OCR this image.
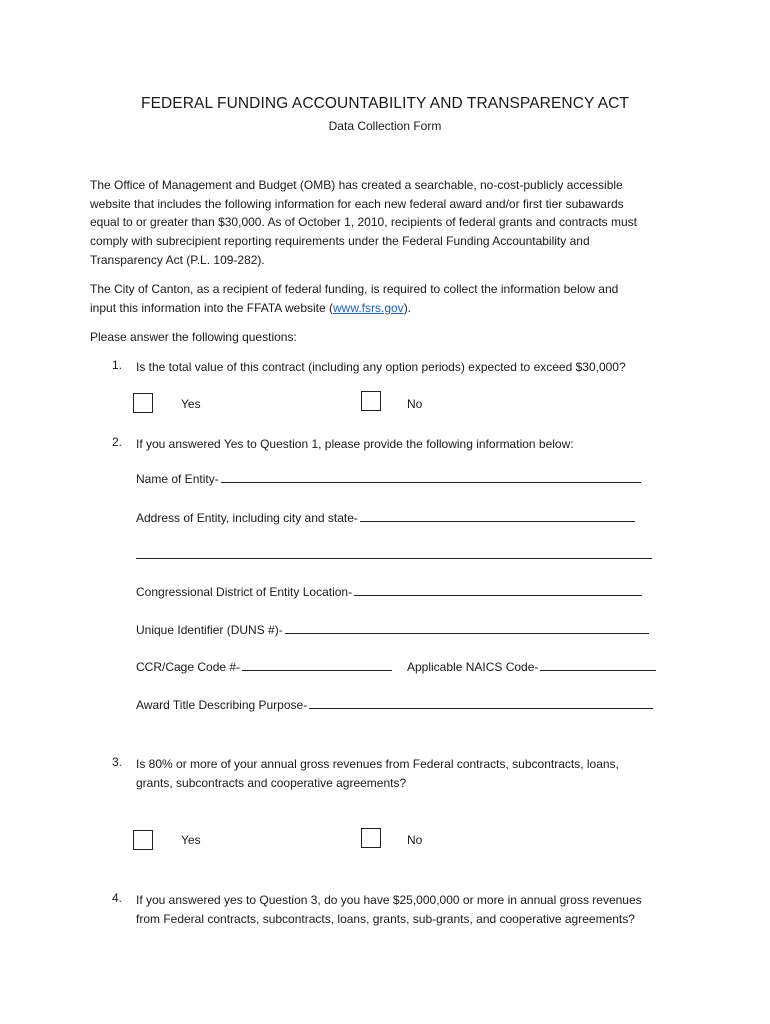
FEDERAL FUNDING ACCOUNTABILITY AND TRANSPARENCY ACT
Data Collection Form
The Office of Management and Budget (OMB) has created a searchable, no-cost-publicly accessible
website that includes the following information for each new federal award and/or first tier subawards
equal to or greater than $30,000. As of October 1, 2010, recipients of federal grants and contracts must
comply with subrecipient reporting requirements under the Federal Funding Accountability and
Transparency Act (P.L. 109-282).
The City of Canton, as a recipient of federal funding, is required to collect the information below and
input this information into the FFATA website (www.fsrs.gov).
Please answer the following questions:
1. Is the total value of this contract (including any option periods) expected to exceed $30,000?
Yes	No
2. If you answered Yes to Question 1, please provide the following information below:
Name of Entity-
Address of Entity, including city and state-
Congressional District of Entity Location-
Unique Identifier (DUNS #)-
CCR/Cage Code #-	Applicable NAICS Code-
Award Title Describing Purpose-
3. Is 80% or more of your annual gross revenues from Federal contracts, subcontracts, loans,
grants, subcontracts and cooperative agreements?
Yes	No
4. If you answered yes to Question 3, do you have $25,000,000 or more in annual gross revenues
from Federal contracts, subcontracts, loans, grants, sub-grants, and cooperative agreements?
